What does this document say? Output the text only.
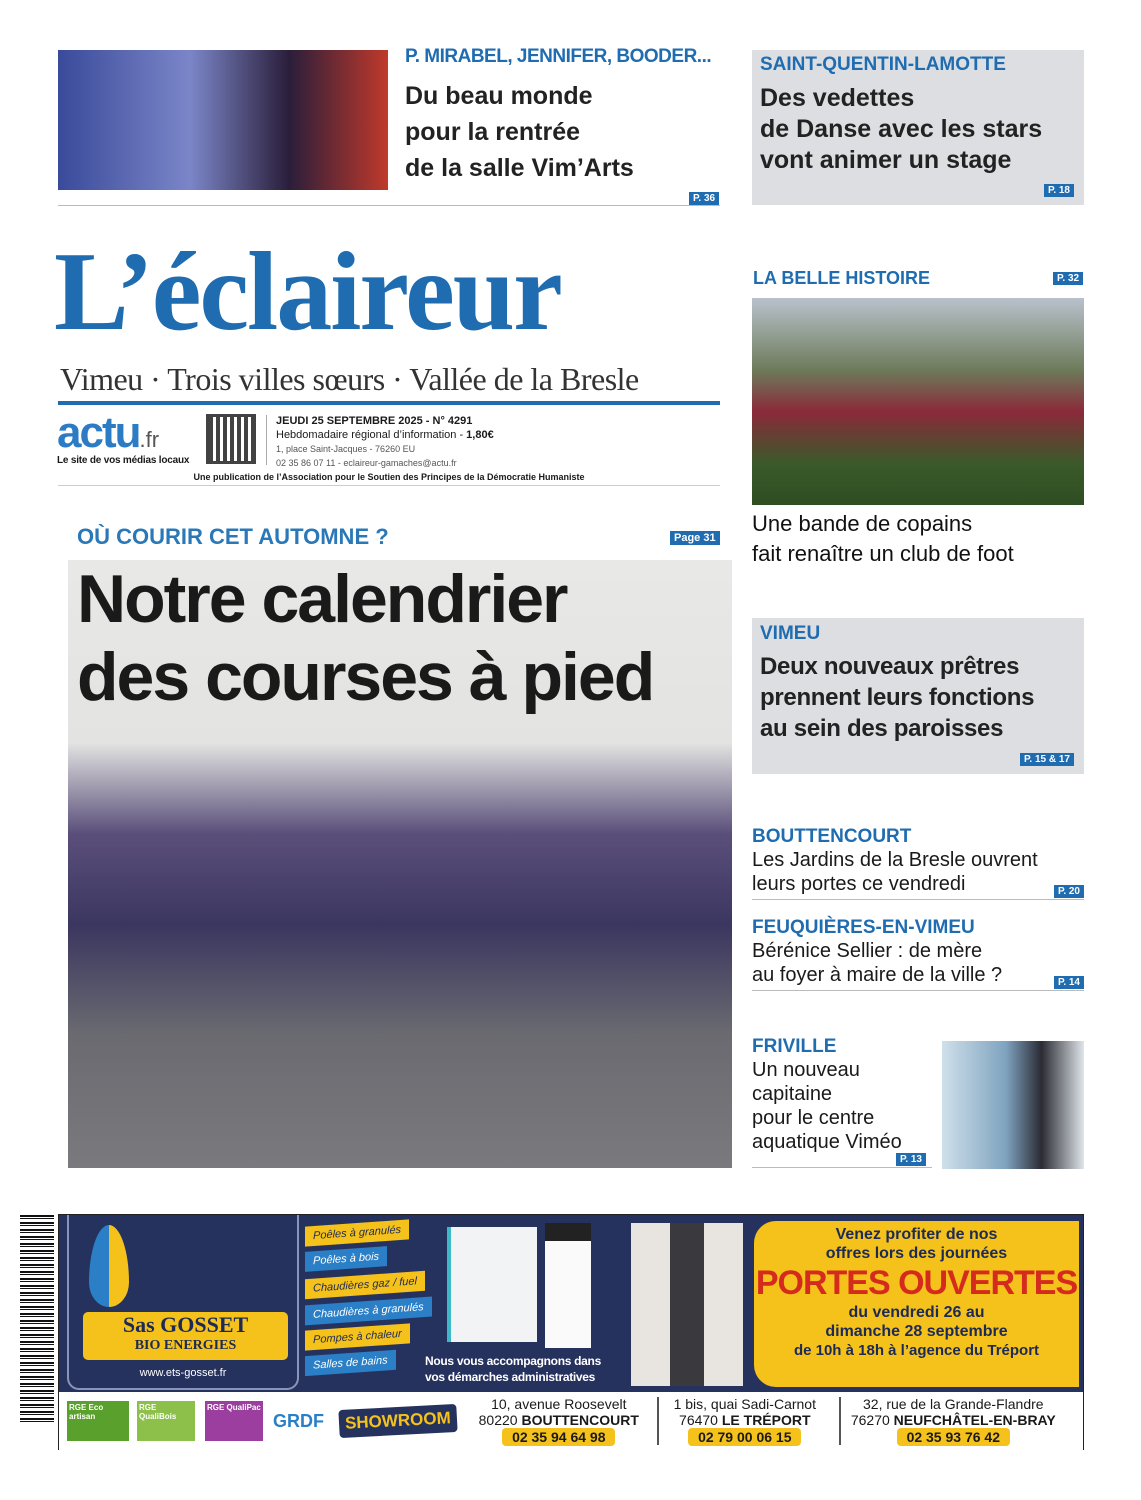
P. MIRABEL, JENNIFER, BOODER...
Du beau monde
pour la rentrée
de la salle Vim’Arts
P. 36
SAINT-QUENTIN-LAMOTTE
Des vedettes
de Danse avec les stars
vont animer un stage
P. 18
L’éclaireur
Vimeu · Trois villes sœurs · Vallée de la Bresle
actu.fr
Le site de vos médias locaux
JEUDI 25 SEPTEMBRE 2025 - N° 4291
Hebdomadaire régional d’information - 1,80€
1, place Saint-Jacques - 76260 EU
02 35 86 07 11 - eclaireur-gamaches@actu.fr
Une publication de l’Association pour le Soutien des Principes de la Démocratie Humaniste
OÙ COURIR CET AUTOMNE ?	Page 31
Notre calendrier
des courses à pied
LA BELLE HISTOIRE	P. 32
Une bande de copains
fait renaître un club de foot
VIMEU
Deux nouveaux prêtres
prennent leurs fonctions
au sein des paroisses
P. 15 & 17
BOUTTENCOURT
Les Jardins de la Bresle ouvrent
leurs portes ce vendredi	P. 20
FEUQUIÈRES-EN-VIMEU
Bérénice Sellier : de mère
au foyer à maire de la ville ?	P. 14
FRIVILLE
Un nouveau
capitaine
pour le centre
aquatique Viméo
P. 13
Sas GOSSET
BIO ENERGIES
www.ets-gosset.fr
Poêles à granulés
Poêles à bois
Chaudières gaz / fuel
Chaudières à granulés
Pompes à chaleur
Salles de bains	Nous vous accompagnons dans
vos démarches administratives
Venez profiter de nos
offres lors des journées
PORTES OUVERTES
du vendredi 26 au
dimanche 28 septembre
de 10h à 18h à l’agence du Tréport
RGE Eco artisan
RGE QualiBois
RGE QualiPac
GRDF	SHOWROOM
10, avenue Roosevelt
80220 BOUTTENCOURT
02 35 94 64 98
1 bis, quai Sadi-Carnot
76470 LE TRÉPORT
02 79 00 06 15
32, rue de la Grande-Flandre
76270 NEUFCHÂTEL-EN-BRAY
02 35 93 76 42
